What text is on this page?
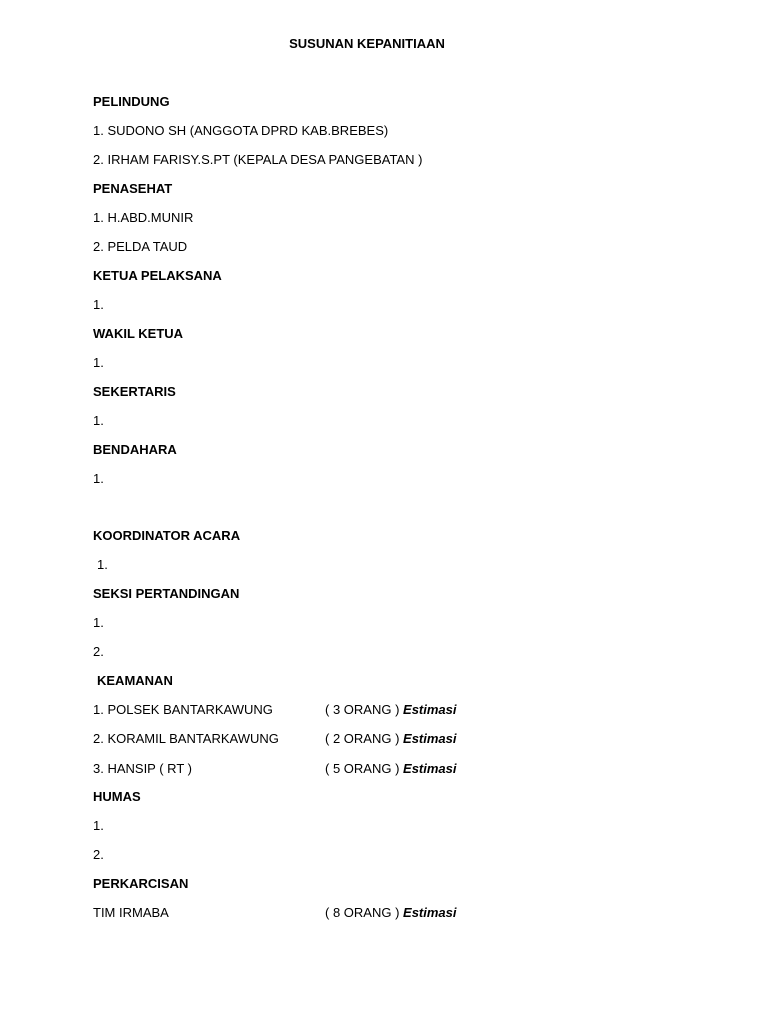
SUSUNAN KEPANITIAAN
PELINDUNG
1. SUDONO SH (ANGGOTA DPRD KAB.BREBES)
2. IRHAM FARISY.S.PT (KEPALA DESA PANGEBATAN )
PENASEHAT
1. H.ABD.MUNIR
2. PELDA TAUD
KETUA PELAKSANA
1.
WAKIL KETUA
1.
SEKERTARIS
1.
BENDAHARA
1.
KOORDINATOR ACARA
1.
SEKSI PERTANDINGAN
1.
2.
KEAMANAN
1. POLSEK BANTARKAWUNG	( 3 ORANG ) Estimasi
2. KORAMIL BANTARKAWUNG	( 2 ORANG ) Estimasi
3. HANSIP ( RT )	( 5 ORANG ) Estimasi
HUMAS
1.
2.
PERKARCISAN
TIM IRMABA	( 8 ORANG ) Estimasi
